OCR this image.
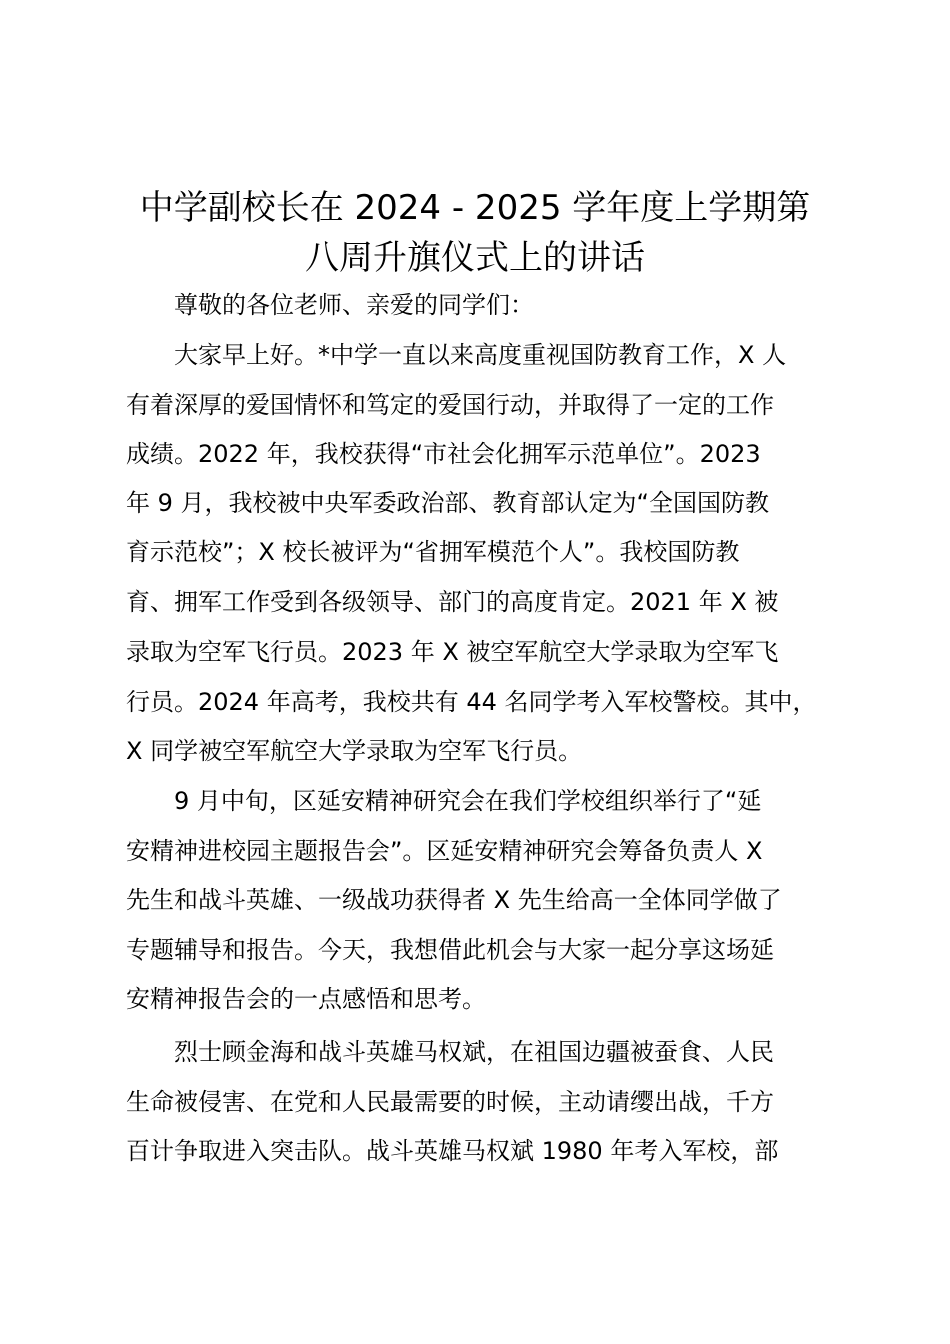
中学副校长在 2024 - 2025 学年度上学期第
八周升旗仪式上的讲话

　　尊敬的各位老师、亲爱的同学们：

　　大家早上好。*中学一直以来高度重视国防教育工作，X 人

有着深厚的爱国情怀和笃定的爱国行动，并取得了一定的工作

成绩。2022 年，我校获得“市社会化拥军示范单位”。2023

年 9 月，我校被中央军委政治部、教育部认定为“全国国防教

育示范校”；X 校长被评为“省拥军模范个人”。我校国防教

育、拥军工作受到各级领导、部门的高度肯定。2021 年 X 被

录取为空军飞行员。2023 年 X 被空军航空大学录取为空军飞

行员。2024 年高考，我校共有 44 名同学考入军校警校。其中，

X 同学被空军航空大学录取为空军飞行员。

　　9 月中旬，区延安精神研究会在我们学校组织举行了“延

安精神进校园主题报告会”。区延安精神研究会筹备负责人 X

先生和战斗英雄、一级战功获得者 X 先生给高一全体同学做了

专题辅导和报告。今天，我想借此机会与大家一起分享这场延

安精神报告会的一点感悟和思考。

　　烈士顾金海和战斗英雄马权斌，在祖国边疆被蚕食、人民

生命被侵害、在党和人民最需要的时候，主动请缨出战，千方

百计争取进入突击队。战斗英雄马权斌 1980 年考入军校，部
